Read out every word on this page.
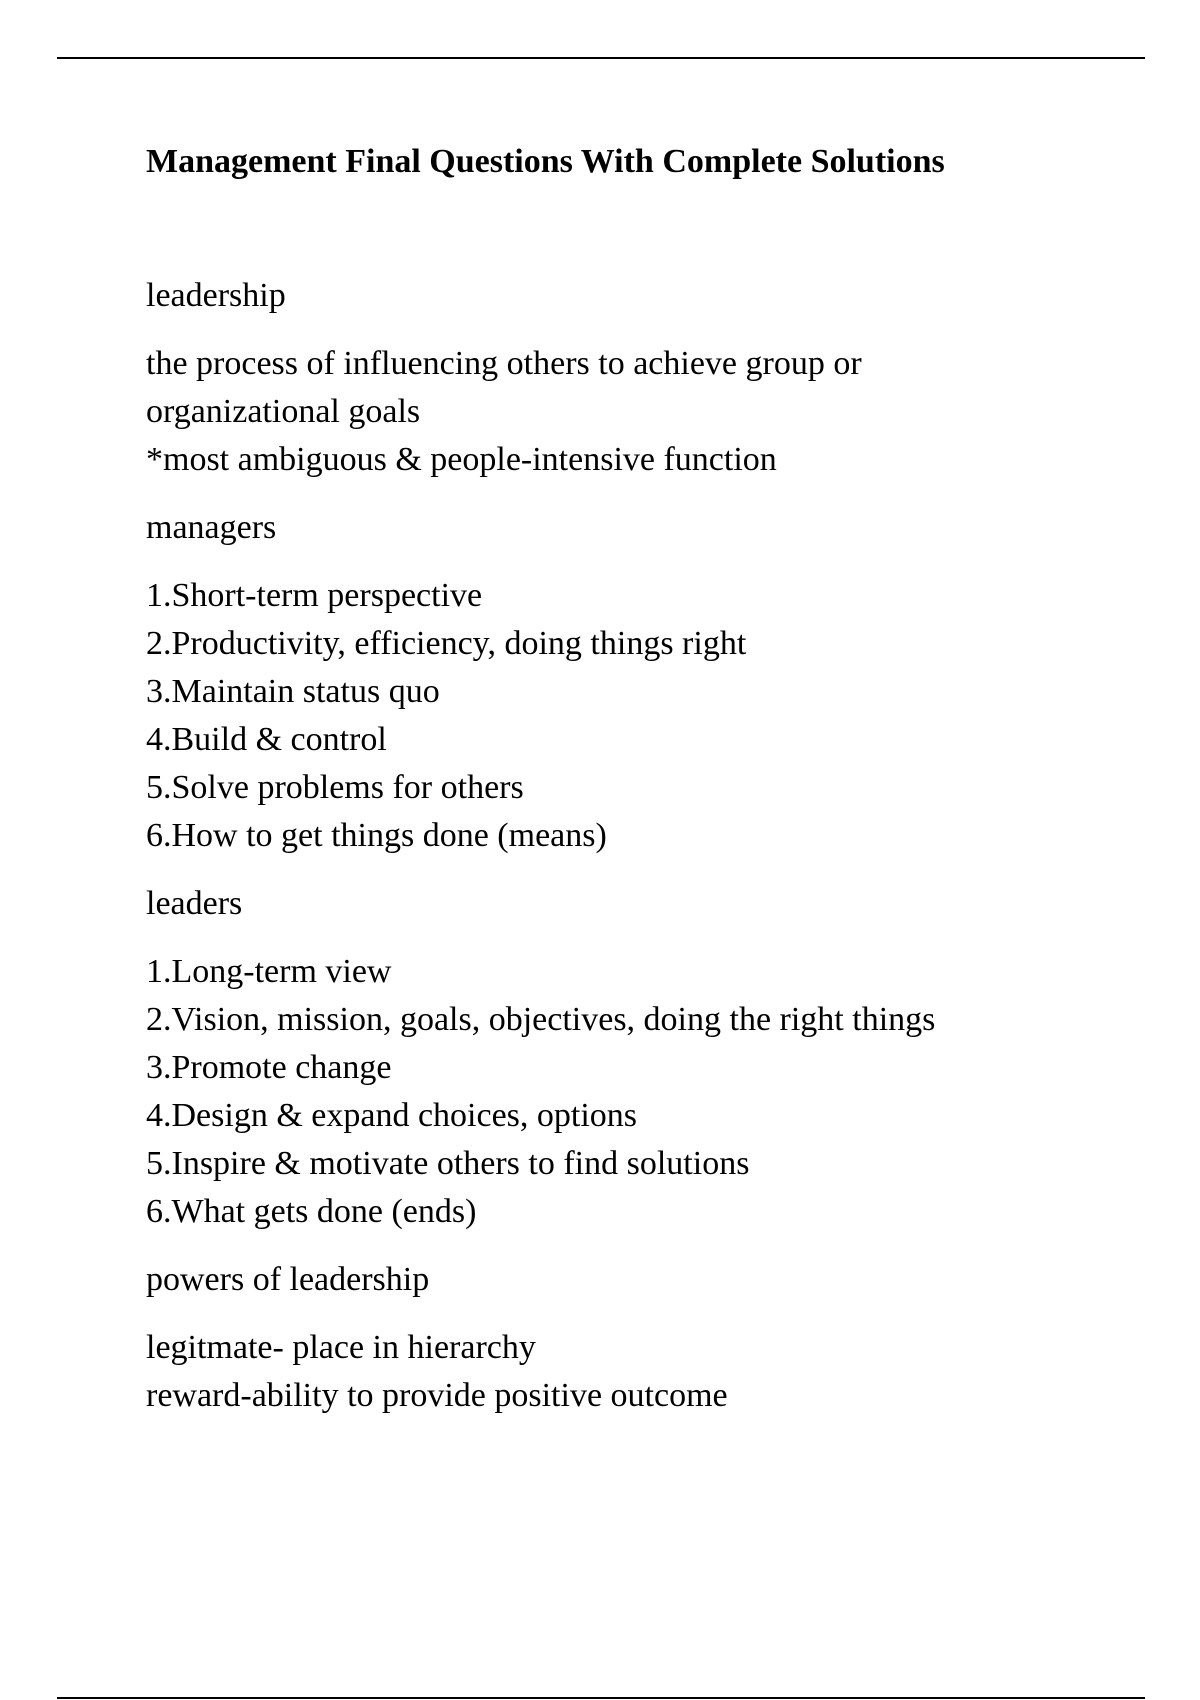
Management Final Questions With Complete Solutions

leadership

the process of influencing others to achieve group or
organizational goals
*most ambiguous & people-intensive function

managers

1.Short-term perspective
2.Productivity, efficiency, doing things right
3.Maintain status quo
4.Build & control
5.Solve problems for others
6.How to get things done (means)

leaders

1.Long-term view
2.Vision, mission, goals, objectives, doing the right things
3.Promote change
4.Design & expand choices, options
5.Inspire & motivate others to find solutions
6.What gets done (ends)

powers of leadership

legitmate- place in hierarchy
reward-ability to provide positive outcome
